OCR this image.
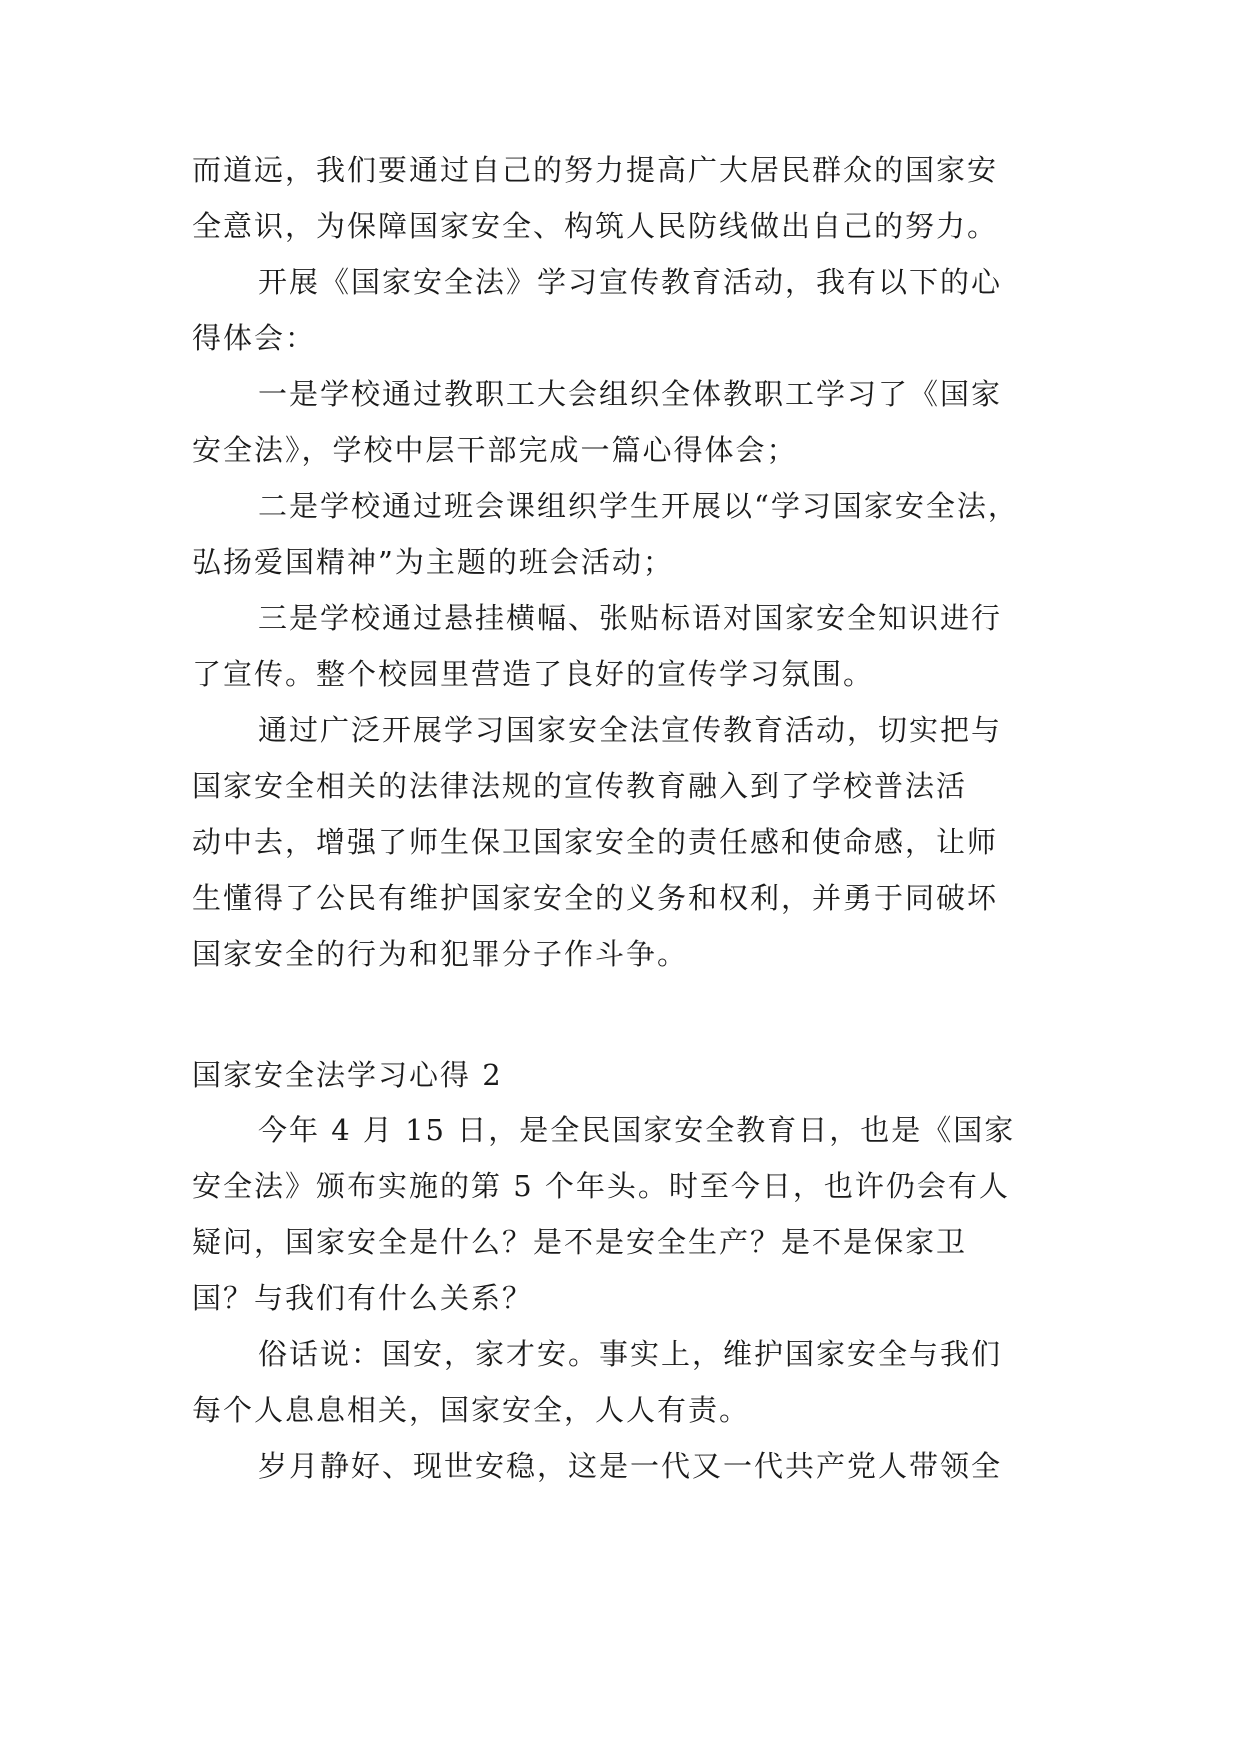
而道远，我们要通过自己的努力提高广大居民群众的国家安
全意识，为保障国家安全、构筑人民防线做出自己的努力。
开展《国家安全法》学习宣传教育活动，我有以下的心
得体会：
一是学校通过教职工大会组织全体教职工学习了《国家
安全法》，学校中层干部完成一篇心得体会；
二是学校通过班会课组织学生开展以“学习国家安全法，
弘扬爱国精神”为主题的班会活动；
三是学校通过悬挂横幅、张贴标语对国家安全知识进行
了宣传。整个校园里营造了良好的宣传学习氛围。
通过广泛开展学习国家安全法宣传教育活动，切实把与
国家安全相关的法律法规的宣传教育融入到了学校普法活
动中去，增强了师生保卫国家安全的责任感和使命感，让师
生懂得了公民有维护国家安全的义务和权利，并勇于同破坏
国家安全的行为和犯罪分子作斗争。
国家安全法学习心得 2
今年 4 月 15 日，是全民国家安全教育日，也是《国家
安全法》颁布实施的第 5 个年头。时至今日，也许仍会有人
疑问，国家安全是什么？是不是安全生产？是不是保家卫
国？与我们有什么关系？
俗话说：国安，家才安。事实上，维护国家安全与我们
每个人息息相关，国家安全，人人有责。
岁月静好、现世安稳，这是一代又一代共产党人带领全
